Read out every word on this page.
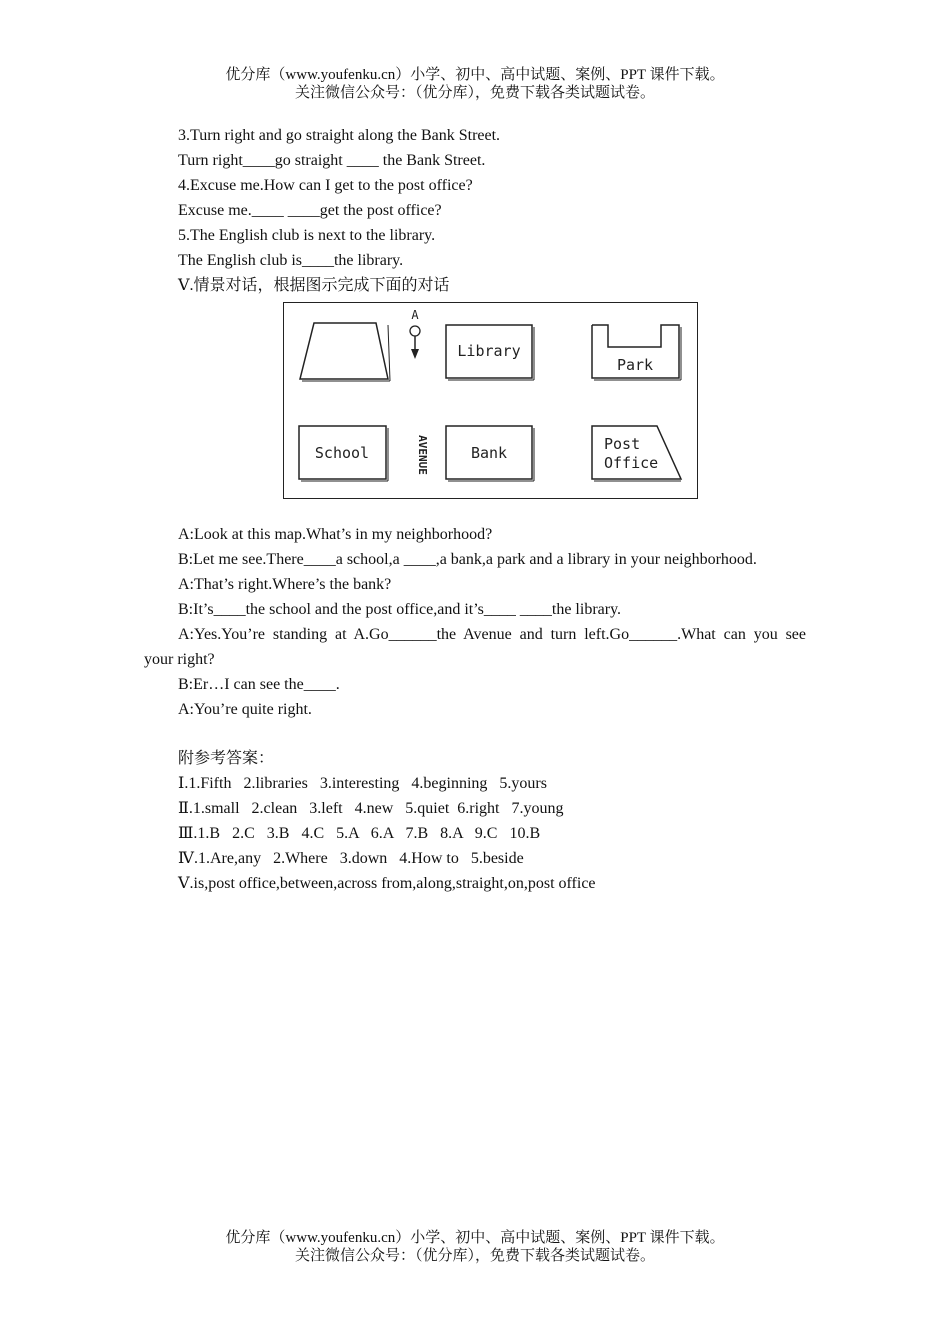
优分库（www.youfenku.cn）小学、初中、高中试题、案例、PPT 课件下载。
关注微信公众号：（优分库），免费下载各类试题试卷。
3.Turn right and go straight along the Bank Street.
Turn right____go straight ____ the Bank Street.
4.Excuse me.How can I get to the post office?
Excuse me.____ ____get the post office?
5.The English club is next to the library.
The English club is____the library.
Ⅴ.情景对话，根据图示完成下面的对话
A
Library
Park
School	AVENUE	Bank	Post
Office
A:Look at this map.What’s in my neighborhood?
B:Let me see.There____a school,a ____,a bank,a park and a library in your neighborhood.
A:That’s right.Where’s the bank?
B:It’s____the school and the post office,and it’s____ ____the library.
A:Yes.You’re standing at A.Go______the Avenue and turn left.Go______.What can you see
your right?
B:Er…I can see the____.
A:You’re quite right.
附参考答案：
Ⅰ.1.Fifth   2.libraries   3.interesting   4.beginning   5.yours
Ⅱ.1.small   2.clean   3.left   4.new   5.quiet  6.right   7.young
Ⅲ.1.B   2.C   3.B   4.C   5.A   6.A   7.B   8.A   9.C   10.B
Ⅳ.1.Are,any   2.Where   3.down   4.How to   5.beside
Ⅴ.is,post office,between,across from,along,straight,on,post office
优分库（www.youfenku.cn）小学、初中、高中试题、案例、PPT 课件下载。
关注微信公众号：（优分库），免费下载各类试题试卷。
